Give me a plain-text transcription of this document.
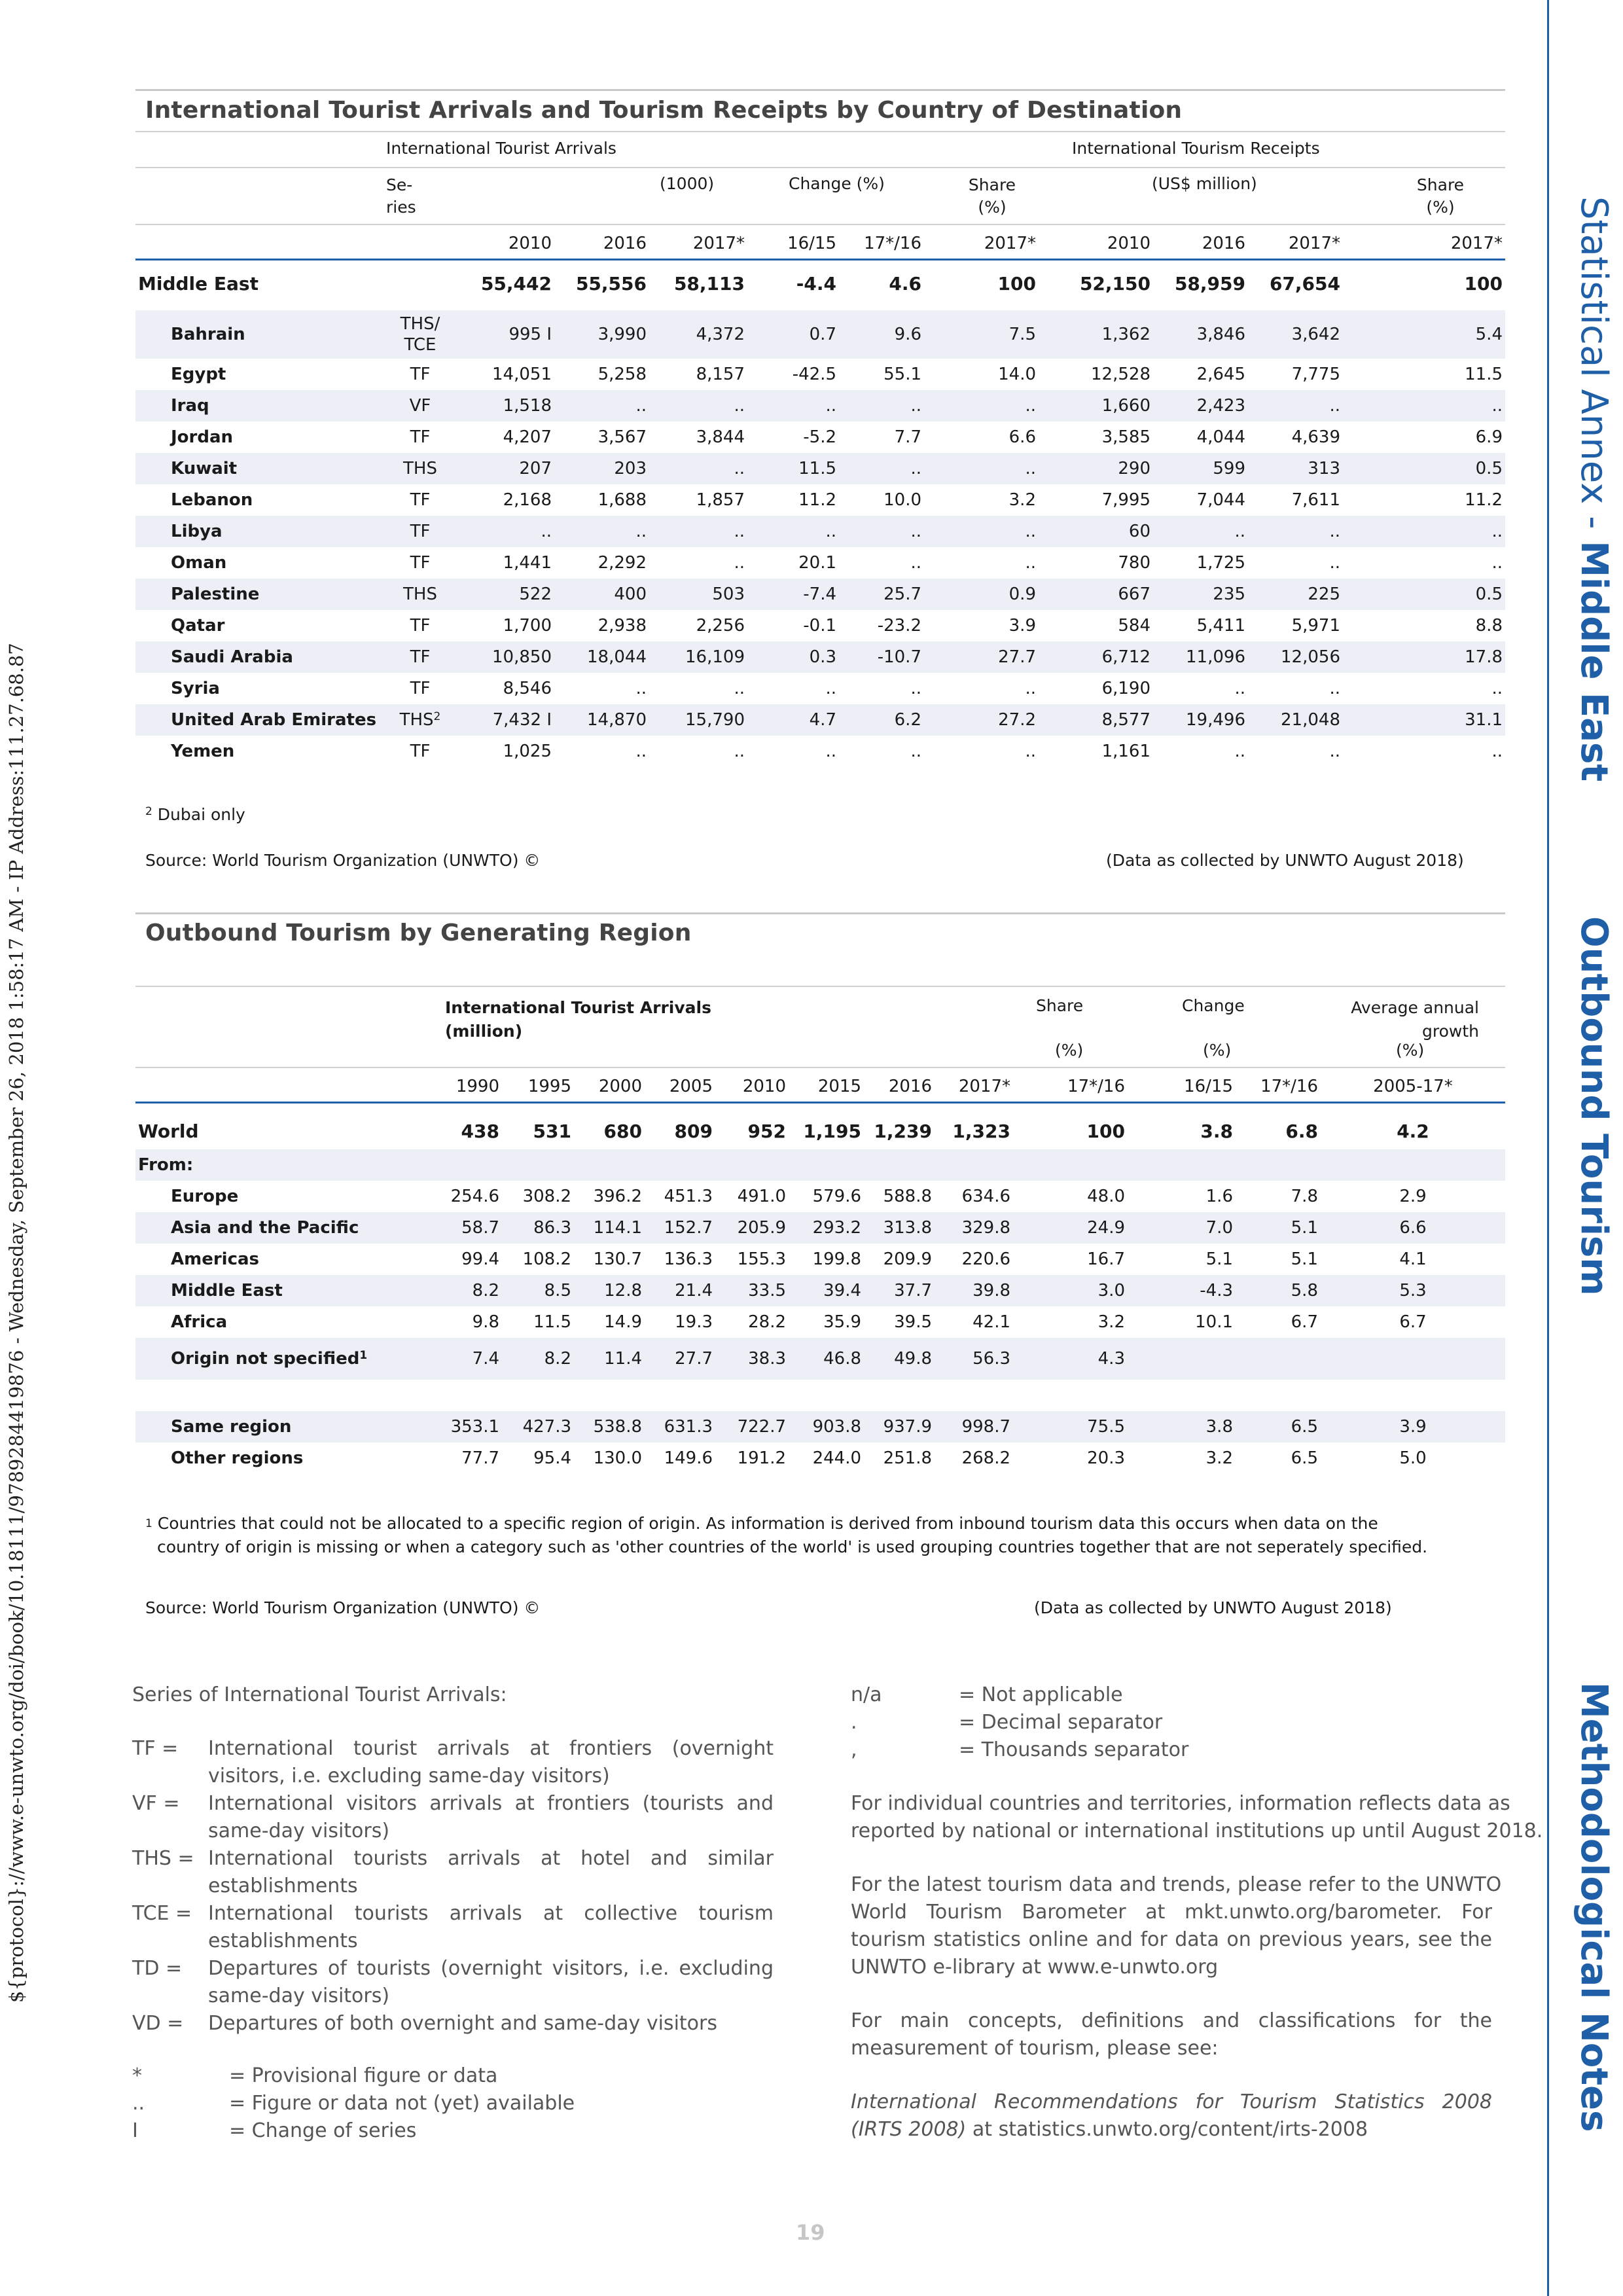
${protocol}://www.e-unwto.org/doi/book/10.18111/9789284419876 - Wednesday, September 26, 2018 1:58:17 AM - IP Address:111.27.68.87
Statistical Annex - Middle East
Outbound Tourism
Methodological Notes
International Tourist Arrivals and Tourism Receipts by Country of Destination
International Tourist Arrivals	International Tourism Receipts
Se-
ries
(1000)	Change (%)	Share
(%)
(US$ million)	Share
(%)
		2010	2016	2017*	16/15	17*/16	2017*	2010	2016	2017*	2017*
Middle East		55,442	55,556	58,113	-4.4	4.6	100	52,150	58,959	67,654	100

Bahrain	THS/
TCE	995 I	3,990	4,372	0.7	9.6	7.5	1,362	3,846	3,642	5.4
Egypt	TF	14,051	5,258	8,157	-42.5	55.1	14.0	12,528	2,645	7,775	11.5
Iraq	VF	1,518	..	..	..	..	..	1,660	2,423	..	..
Jordan	TF	4,207	3,567	3,844	-5.2	7.7	6.6	3,585	4,044	4,639	6.9
Kuwait	THS	207	203	..	11.5	..	..	290	599	313	0.5
Lebanon	TF	2,168	1,688	1,857	11.2	10.0	3.2	7,995	7,044	7,611	11.2
Libya	TF	..	..	..	..	..	..	60	..	..	..
Oman	TF	1,441	2,292	..	20.1	..	..	780	1,725	..	..
Palestine	THS	522	400	503	-7.4	25.7	0.9	667	235	225	0.5
Qatar	TF	1,700	2,938	2,256	-0.1	-23.2	3.9	584	5,411	5,971	8.8
Saudi Arabia	TF	10,850	18,044	16,109	0.3	-10.7	27.7	6,712	11,096	12,056	17.8
Syria	TF	8,546	..	..	..	..	..	6,190	..	..	..
United Arab Emirates	THS$^2$	7,432 I	14,870	15,790	4.7	6.2	27.2	8,577	19,496	21,048	31.1
Yemen	TF	1,025	..	..	..	..	..	1,161	..	..	..
$^2$ Dubai only
Source: World Tourism Organization (UNWTO) ©	(Data as collected by UNWTO August 2018)
Outbound Tourism by Generating Region
International Tourist Arrivals
(million)
Share	Change	Average annual
growth
(%)	(%)	(%)
	1990	1995	2000	2005	2010	2015	2016	2017*	17*/16	16/15	17*/16	2005-17*
World	438	531	680	809	952	1,195	1,239	1,323	100	3.8	6.8	4.2
From:												
Europe	254.6	308.2	396.2	451.3	491.0	579.6	588.8	634.6	48.0	1.6	7.8	2.9
Asia and the Pacific	58.7	86.3	114.1	152.7	205.9	293.2	313.8	329.8	24.9	7.0	5.1	6.6
Americas	99.4	108.2	130.7	136.3	155.3	199.8	209.9	220.6	16.7	5.1	5.1	4.1
Middle East	8.2	8.5	12.8	21.4	33.5	39.4	37.7	39.8	3.0	-4.3	5.8	5.3
Africa	9.8	11.5	14.9	19.3	28.2	35.9	39.5	42.1	3.2	10.1	6.7	6.7
Origin not specified$^1$	7.4	8.2	11.4	27.7	38.3	46.8	49.8	56.3	4.3			

Same region	353.1	427.3	538.8	631.3	722.7	903.8	937.9	998.7	75.5	3.8	6.5	3.9
Other regions	77.7	95.4	130.0	149.6	191.2	244.0	251.8	268.2	20.3	3.2	6.5	5.0
$^1$ Countries that could not be allocated to a specific region of origin. As information is derived from inbound tourism data this occurs when data on the
country of origin is missing or when a category such as 'other countries of the world' is used grouping countries together that are not seperately specified.
Source: World Tourism Organization (UNWTO) ©	(Data as collected by UNWTO August 2018)
Series of International Tourist Arrivals:
TF = International tourist arrivals at frontiers (overnight
visitors, i.e. excluding same-day visitors)
VF = International visitors arrivals at frontiers (tourists and
same-day visitors)
THS = International tourists arrivals at hotel and similar
establishments
TCE = International tourists arrivals at collective tourism
establishments
TD = Departures of tourists (overnight visitors, i.e. excluding
same-day visitors)
VD = Departures of both overnight and same-day visitors
*	= Provisional figure or data
..	= Figure or data not (yet) available
I	= Change of series
n/a	= Not applicable
.	= Decimal separator
,	= Thousands separator
For individual countries and territories, information reflects data as
reported by national or international institutions up until August 2018.
For the latest tourism data and trends, please refer to the UNWTO
World Tourism Barometer at mkt.unwto.org/barometer. For
tourism statistics online and for data on previous years, see the
UNWTO e-library at www.e-unwto.org
For main concepts, definitions and classifications for the
measurement of tourism, please see:
International Recommendations for Tourism Statistics 2008
(IRTS 2008) at statistics.unwto.org/content/irts-2008
19
